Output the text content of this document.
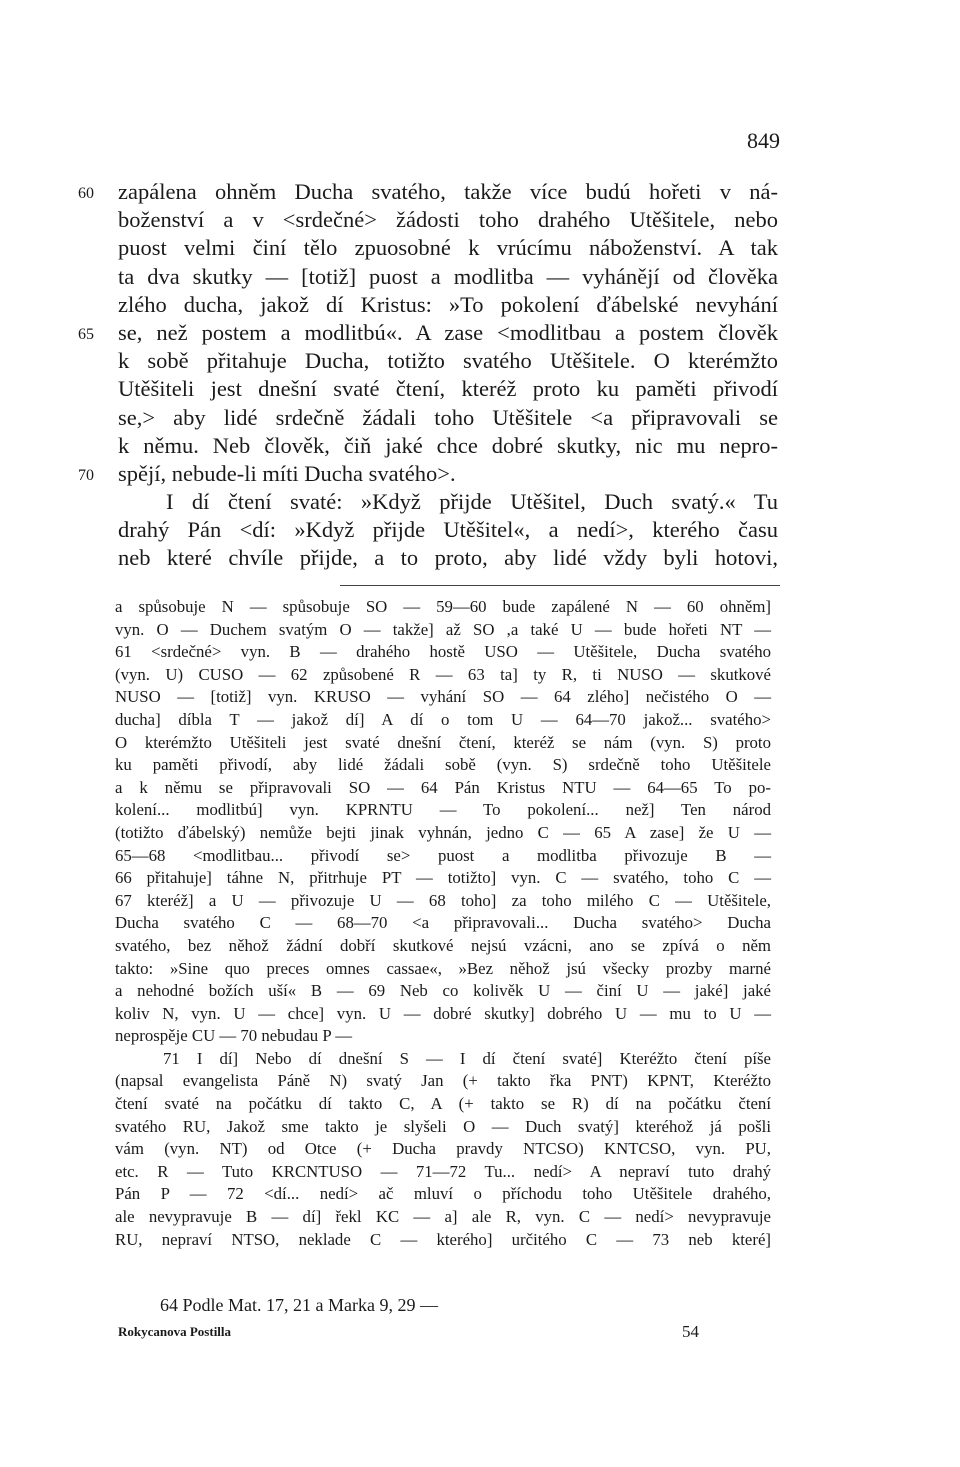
849
60 zapálena ohněm Ducha svatého, takže více budú hořeti v ná-
boženství a v <srdečné> žádosti toho drahého Utěšitele, nebo
puost velmi činí tělo zpuosobné k vrúcímu náboženství. A tak
ta dva skutky — [totiž] puost a modlitba — vyhánějí od člověka
zlého ducha, jakož dí Kristus: »To pokolení ďábelské nevyhání
65 se, než postem a modlitbú«. A zase <modlitbau a postem člověk
k sobě přitahuje Ducha, totižto svatého Utěšitele. O kterémžto
Utěšiteli jest dnešní svaté čtení, kteréž proto ku paměti přivodí
se,> aby lidé srdečně žádali toho Utěšitele <a připravovali se
k němu. Neb člověk, čiň jaké chce dobré skutky, nic mu nepro-
70 spějí, nebude-li míti Ducha svatého>.
I dí čtení svaté: »Když přijde Utěšitel, Duch svatý.« Tu
drahý Pán <dí: »Když přijde Utěšitel«, a nedí>, kterého času
neb které chvíle přijde, a to proto, aby lidé vždy byli hotovi,
a spůsobuje N — spůsobuje SO — 59—60 bude zapálené N — 60 ohněm]
vyn. O — Duchem svatým O — takže] až SO ,a také U — bude hořeti NT —
61 <srdečné> vyn. B — drahého hostě USO — Utěšitele, Ducha svatého
(vyn. U) CUSO — 62 způsobené R — 63 ta] ty R, ti NUSO — skutkové
NUSO — [totiž] vyn. KRUSO — vyhání SO — 64 zlého] nečistého O —
ducha] díbla T — jakož dí] A dí o tom U — 64—70 jakož... svatého>
O kterémžto Utěšiteli jest svaté dnešní čtení, kteréž se nám (vyn. S) proto
ku paměti přivodí, aby lidé žádali sobě (vyn. S) srdečně toho Utěšitele
a k němu se připravovali SO — 64 Pán Kristus NTU — 64—65 To po-
kolení... modlitbú] vyn. KPRNTU — To pokolení... než] Ten národ
(totižto ďábelský) nemůže bejti jinak vyhnán, jedno C — 65 A zase] že U —
65—68 <modlitbau... přivodí se> puost a modlitba přivozuje B —
66 přitahuje] táhne N, přitrhuje PT — totižto] vyn. C — svatého, toho C —
67 kteréž] a U — přivozuje U — 68 toho] za toho milého C — Utěšitele,
Ducha svatého C — 68—70 <a připravovali... Ducha svatého> Ducha
svatého, bez něhož žádní dobří skutkové nejsú vzácni, ano se zpívá o něm
takto: »Sine quo preces omnes cassae«, »Bez něhož jsú všecky prozby marné
a nehodné božích uší« B — 69 Neb co kolivěk U — činí U — jaké] jaké
koliv N, vyn. U — chce] vyn. U — dobré skutky] dobrého U — mu to U —
neprospěje CU — 70 nebudau P —
71 I dí] Nebo dí dnešní S — I dí čtení svaté] Kteréžto čtení píše
(napsal evangelista Páně N) svatý Jan (+ takto řka PNT) KPNT, Kteréžto
čtení svaté na počátku dí takto C, A (+ takto se R) dí na počátku čtení
svatého RU, Jakož sme takto je slyšeli O — Duch svatý] kteréhož já pošli
vám (vyn. NT) od Otce (+ Ducha pravdy NTCSO) KNTCSO, vyn. PU,
etc. R — Tuto KRCNTUSO — 71—72 Tu... nedí> A nepraví tuto drahý
Pán P — 72 <dí... nedí> ač mluví o příchodu toho Utěšitele drahého,
ale nevypravuje B — dí] řekl KC — a] ale R, vyn. C — nedí> nevypravuje
RU, nepraví NTSO, neklade C — kterého] určitého C — 73 neb které]
64 Podle Mat. 17, 21 a Marka 9, 29 —
Rokycanova Postilla	54
